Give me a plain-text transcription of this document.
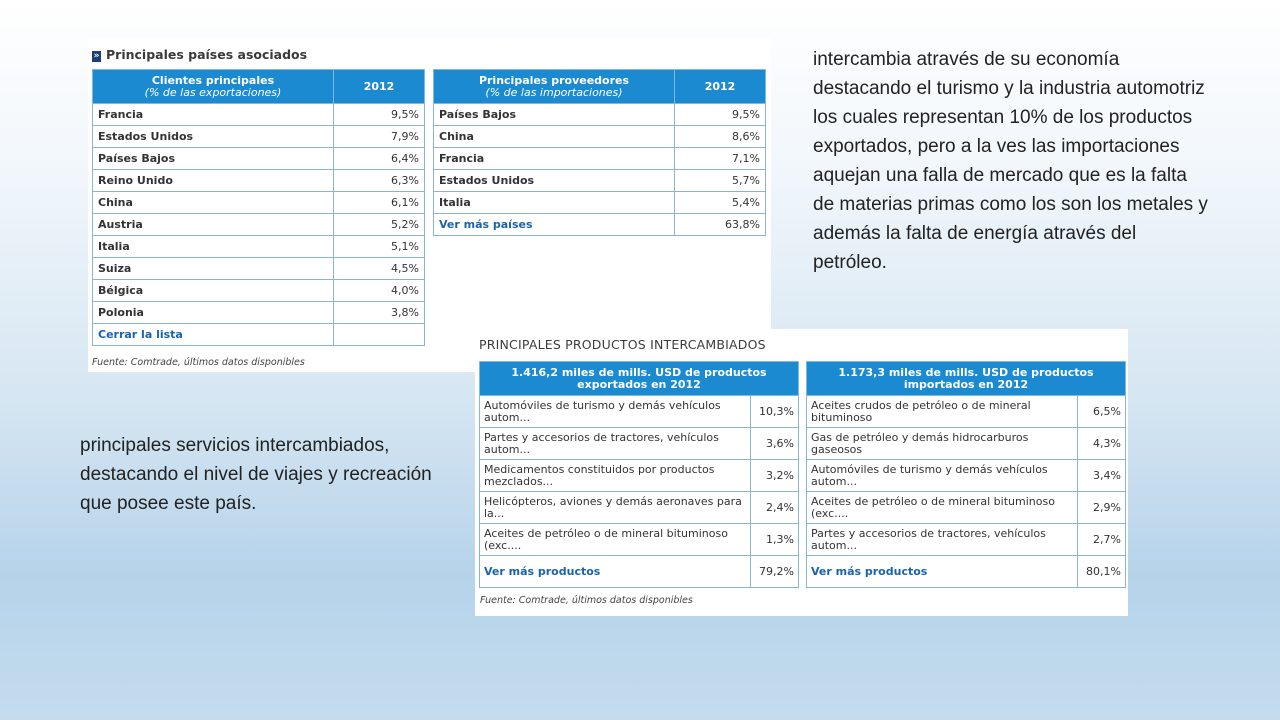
» Principales países asociados
Clientes principales
(% de las exportaciones)	2012
Francia	9,5%
Estados Unidos	7,9%
Países Bajos	6,4%
Reino Unido	6,3%
China	6,1%
Austria	5,2%
Italia	5,1%
Suiza	4,5%
Bélgica	4,0%
Polonia	3,8%
Cerrar la lista	
Principales proveedores
(% de las importaciones)	2012
Países Bajos	9,5%
China	8,6%
Francia	7,1%
Estados Unidos	5,7%
Italia	5,4%
Ver más países	63,8%
Fuente: Comtrade, últimos datos disponibles
PRINCIPALES PRODUCTOS INTERCAMBIADOS
1.416,2 miles de mills. USD de productos
exportados en 2012	
Automóviles de turismo y demás vehículos autom...	10,3%
Partes y accesorios de tractores, vehículos autom...	3,6%
Medicamentos constituidos por productos mezclados...	3,2%
Helicópteros, aviones y demás aeronaves para la...	2,4%
Aceites de petróleo o de mineral bituminoso (exc....	1,3%
Ver más productos	79,2%
1.173,3 miles de mills. USD de productos
importados en 2012	
Aceites crudos de petróleo o de mineral bituminoso	6,5%
Gas de petróleo y demás hidrocarburos gaseosos	4,3%
Automóviles de turismo y demás vehículos autom...	3,4%
Aceites de petróleo o de mineral bituminoso (exc....	2,9%
Partes y accesorios de tractores, vehículos autom...	2,7%
Ver más productos	80,1%
Fuente: Comtrade, últimos datos disponibles
intercambia através de su economía destacando el turismo y la industria automotriz los cuales representan 10% de los productos exportados, pero a la ves las importaciones aquejan una falla de mercado que es la falta de materias primas como los son los metales y además la falta de energía através del petróleo.
principales servicios intercambiados, destacando el nivel de viajes y recreación que posee este país.
